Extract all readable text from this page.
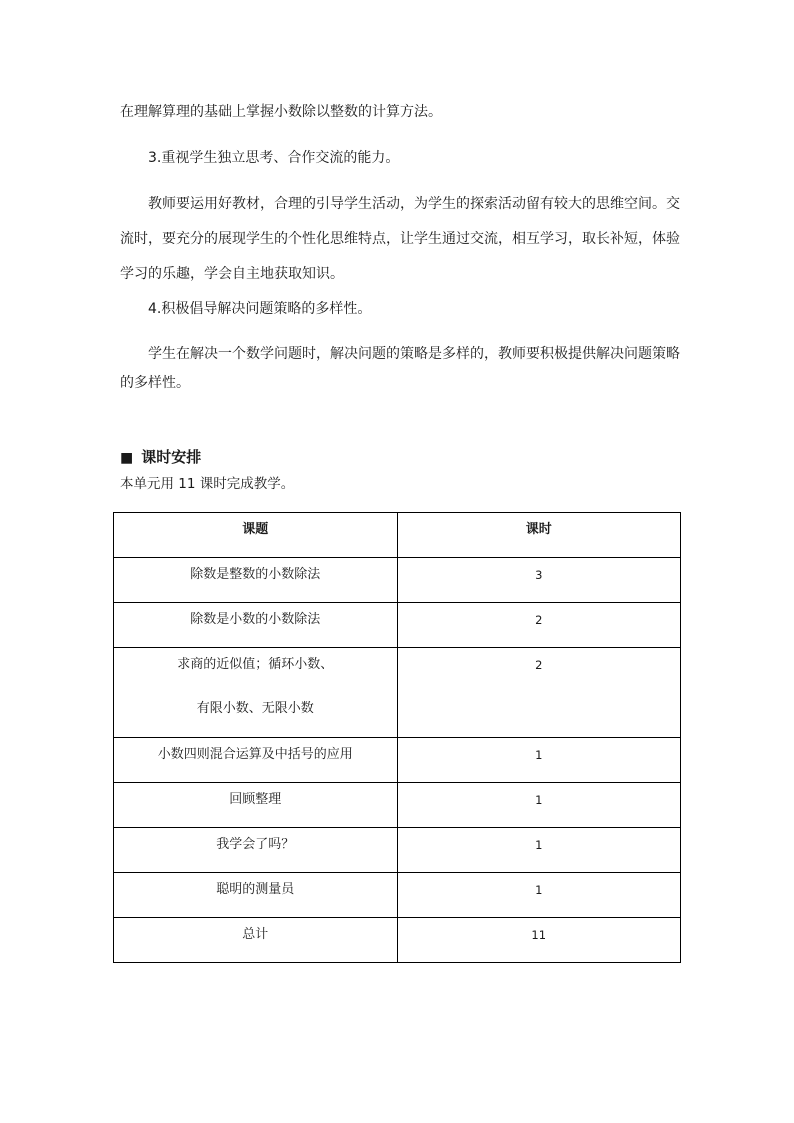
在理解算理的基础上掌握小数除以整数的计算方法。

3.重视学生独立思考、合作交流的能力。

教师要运用好教材，合理的引导学生活动，为学生的探索活动留有较大的思维空间。交流时，要充分的展现学生的个性化思维特点，让学生通过交流，相互学习，取长补短，体验学习的乐趣，学会自主地获取知识。

4.积极倡导解决问题策略的多样性。

学生在解决一个数学问题时，解决问题的策略是多样的，教师要积极提供解决问题策略的多样性。

■ 课时安排

本单元用 11 课时完成教学。

课题	课时

除数是整数的小数除法	3

除数是小数的小数除法	2

求商的近似值；循环小数、
有限小数、无限小数	2

小数四则混合运算及中括号的应用	1

回顾整理	1

我学会了吗？	1

聪明的测量员	1

总计	11
